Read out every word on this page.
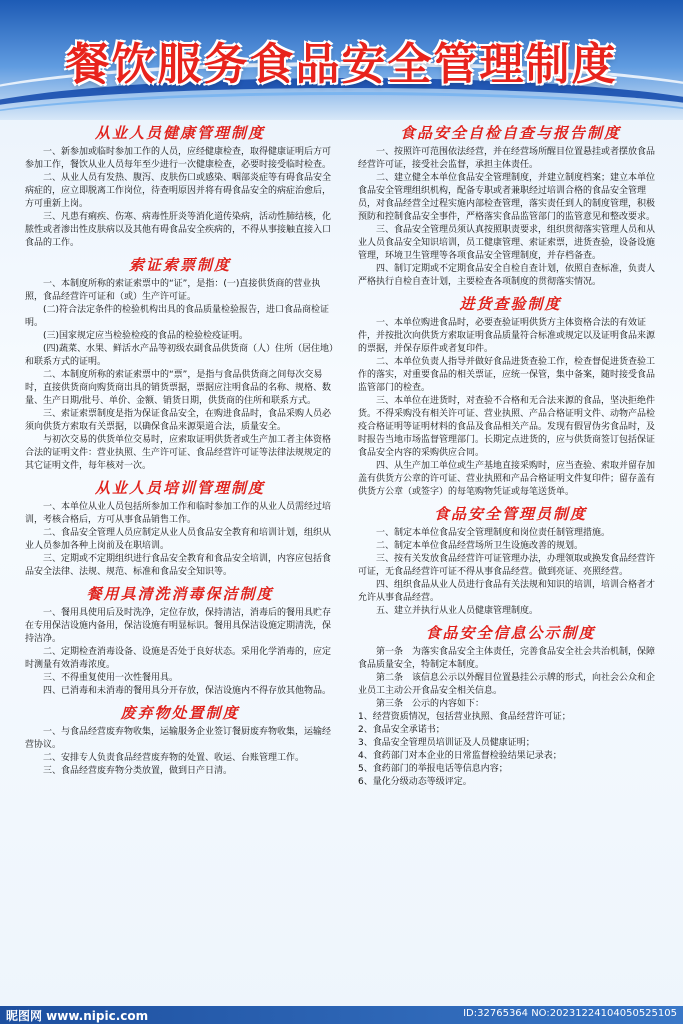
餐饮服务食品安全管理制度
从业人员健康管理制度

一、新参加或临时参加工作的人员，应经健康检查，取得健康证明后方可参加工作，餐饮从业人员每年至少进行一次健康检查，必要时接受临时检查。

二、从业人员有发热、腹泻、皮肤伤口或感染、咽部炎症等有碍食品安全病症的，应立即脱离工作岗位，待查明原因并将有碍食品安全的病症治愈后，方可重新上岗。

三、凡患有痢疾、伤寒、病毒性肝炎等消化道传染病，活动性肺结核，化脓性或者渗出性皮肤病以及其他有碍食品安全疾病的，不得从事接触直接入口食品的工作。

索证索票制度

一、本制度所称的索证索票中的“证”，是指：(一)直接供货商的营业执照，食品经营许可证和（或）生产许可证。

(二)符合法定条件的检验机构出具的食品质量检验报告，进口食品商检证明。

(三)国家规定应当检验检疫的食品的检验检疫证明。

(四)蔬菜、水果、鲜活水产品等初级农副食品供货商（人）住所（居住地）和联系方式的证明。

二、本制度所称的索证索票中的“票”，是指与食品供货商之间每次交易时，直接供货商向购货商出具的销货票据，票据应注明食品的名称、规格、数量、生产日期/批号、单价、金额、销货日期，供货商的住所和联系方式。

三、索证索票制度是指为保证食品安全，在购进食品时，食品采购人员必须向供货方索取有关票据，以确保食品来源渠道合法，质量安全。

与初次交易的供货单位交易时，应索取证明供货者或生产加工者主体资格合法的证明文件：营业执照、生产许可证、食品经营许可证等法律法规规定的其它证明文件，每年核对一次。

从业人员培训管理制度

一、本单位从业人员包括所参加工作和临时参加工作的从业人员需经过培训，考核合格后，方可从事食品销售工作。

二、食品安全管理人员应制定从业人员食品安全教育和培训计划，组织从业人员参加各种上岗前及在职培训。

三、定期或不定期组织进行食品安全教育和食品安全培训，内容应包括食品安全法律、法规、规范、标准和食品安全知识等。

餐用具清洗消毒保洁制度

一、餐用具使用后及时洗净，定位存放，保持清洁，消毒后的餐用具贮存在专用保洁设施内备用，保洁设施有明显标识。餐用具保洁设施定期清洗，保持洁净。

二、定期检查消毒设备、设施是否处于良好状态。采用化学消毒的，应定时测量有效消毒浓度。

三、不得重复使用一次性餐用具。

四、已消毒和未消毒的餐用具分开存放，保洁设施内不得存放其他物品。

废弃物处置制度

一、与食品经营废弃物收集，运输服务企业签订餐厨废弃物收集，运输经营协议。

二、安排专人负责食品经营废弃物的处置、收运、台账管理工作。

三、食品经营废弃物分类放置，做到日产日清。

食品安全自检自查与报告制度

一、按照许可范围依法经营，并在经营场所醒目位置悬挂或者摆放食品经营许可证，接受社会监督，承担主体责任。

二、建立健全本单位食品安全管理制度，并建立制度档案；建立本单位食品安全管理组织机构，配备专职或者兼职经过培训合格的食品安全管理员，对食品经营全过程实施内部检查管理，落实责任到人的制度管理，积极预防和控制食品安全事件，严格落实食品监管部门的监管意见和整改要求。

三、食品安全管理员须认真按照职责要求，组织贯彻落实管理人员和从业人员食品安全知识培训，员工健康管理、索证索票，进货查验，设备设施管理，环境卫生管理等各项食品安全管理制度，并存档备查。

四、制订定期或不定期食品安全自检自查计划，依照自查标准，负责人严格执行自检自查计划，主要检查各项制度的贯彻落实情况。

进货查验制度

一、本单位购进食品时，必要查验证明供货方主体资格合法的有效证件，并按批次向供货方索取证明食品质量符合标准或规定以及证明食品来源的票据，并保存原件或者复印件。

二、本单位负责人指导并做好食品进货查验工作，检查督促进货查验工作的落实，对重要食品的相关票证，应统一保管，集中备案，随时接受食品监管部门的检查。

三、本单位在进货时，对查验不合格和无合法来源的食品，坚决拒绝件货。不得采购没有相关许可证、营业执照、产品合格证明文件、动物产品检疫合格证明等证明材料的食品及食品相关产品。发现有假冒伪劣食品时，及时报告当地市场监督管理部门。长期定点进货的，应与供货商签订包括保证食品安全内容的采购供应合同。

四、从生产加工单位或生产基地直接采购时，应当查验、索取并留存加盖有供货方公章的许可证、营业执照和产品合格证明文件复印件；留存盖有供货方公章（或签字）的每笔购物凭证或每笔送货单。

食品安全管理员制度

一、制定本单位食品安全管理制度和岗位责任制管理措施。

二、制定本单位食品经营场所卫生设施改善的规划。

三、按有关发放食品经营许可证管理办法，办理领取或换发食品经营许可证，无食品经营许可证不得从事食品经营。做到亮证、亮照经营。

四、组织食品从业人员进行食品有关法规和知识的培训，培训合格者才允许从事食品经营。

五、建立并执行从业人员健康管理制度。

食品安全信息公示制度

第一条　为落实食品安全主体责任，完善食品安全社会共治机制，保障食品质量安全，特制定本制度。

第二条　该信息公示以外醒目位置悬挂公示牌的形式，向社会公众和企业员工主动公开食品安全相关信息。

第三条　公示的内容如下：

1、经营资质情况，包括营业执照、食品经营许可证；

2、食品安全承诺书；

3、食品安全管理员培训证及人员健康证明；

4、食药部门对本企业的日常监督检验结果记录表；

5、食药部门的举报电话等信息内容；

6、量化分级动态等级评定。

昵图网 www.nipic.com	ID:32765364 NO:20231224104050525105
